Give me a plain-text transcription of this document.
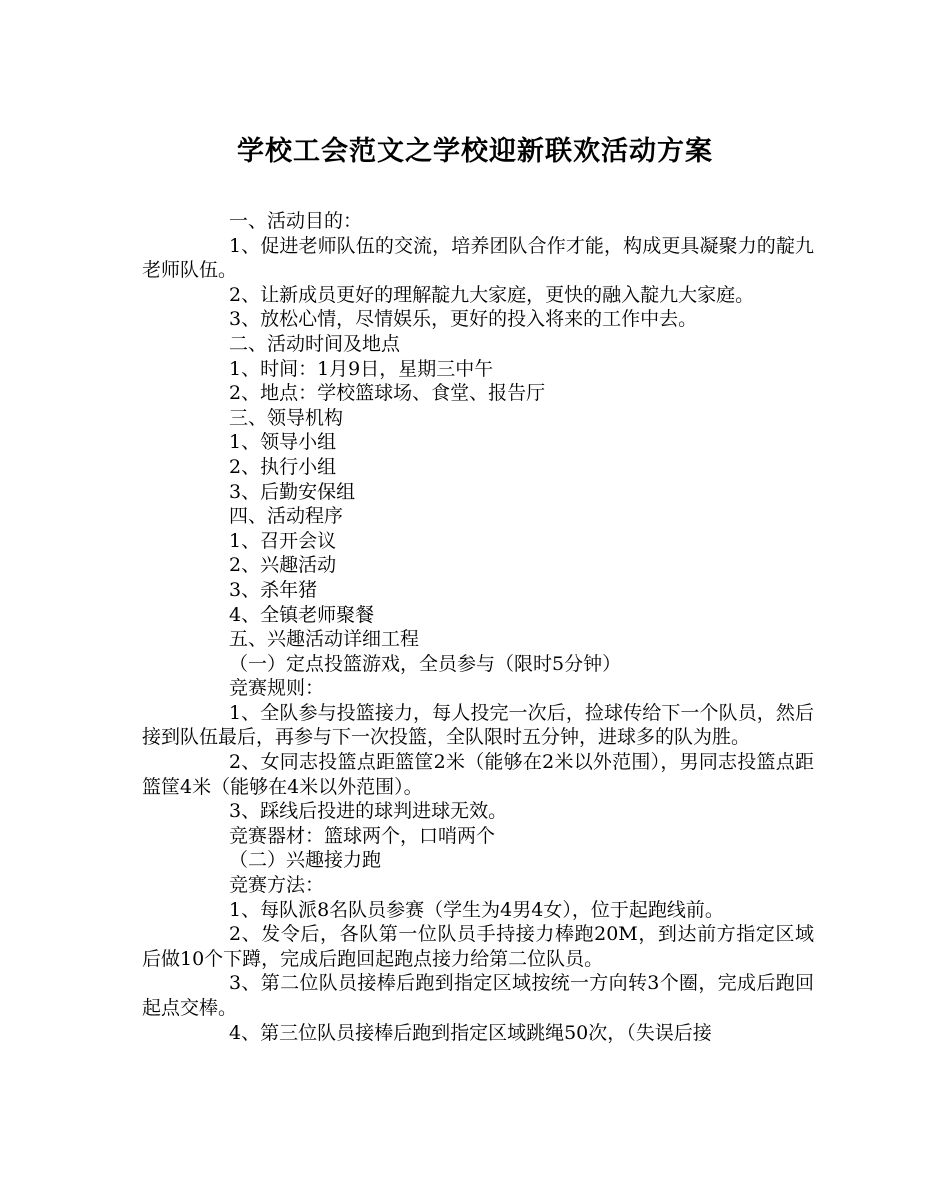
学校工会范文之学校迎新联欢活动方案

一、活动目的：

1、促进老师队伍的交流，培养团队合作才能，构成更具凝聚力的靛九老师队伍。

2、让新成员更好的理解靛九大家庭，更快的融入靛九大家庭。

3、放松心情，尽情娱乐，更好的投入将来的工作中去。

二、活动时间及地点

1、时间：1月9日，星期三中午

2、地点：学校篮球场、食堂、报告厅

三、领导机构

1、领导小组

2、执行小组

3、后勤安保组

四、活动程序

1、召开会议

2、兴趣活动

3、杀年猪

4、全镇老师聚餐

五、兴趣活动详细工程

（一）定点投篮游戏，全员参与（限时5分钟）

竞赛规则：

1、全队参与投篮接力，每人投完一次后，捡球传给下一个队员，然后接到队伍最后，再参与下一次投篮，全队限时五分钟，进球多的队为胜。

2、女同志投篮点距篮筐2米（能够在2米以外范围），男同志投篮点距篮筐4米（能够在4米以外范围）。

3、踩线后投进的球判进球无效。

竞赛器材：篮球两个，口哨两个

（二）兴趣接力跑

竞赛方法：

1、每队派8名队员参赛（学生为4男4女），位于起跑线前。

2、发令后，各队第一位队员手持接力棒跑20M，到达前方指定区域后做10个下蹲，完成后跑回起跑点接力给第二位队员。

3、第二位队员接棒后跑到指定区域按统一方向转3个圈，完成后跑回起点交棒。

4、第三位队员接棒后跑到指定区域跳绳50次，（失误后接
